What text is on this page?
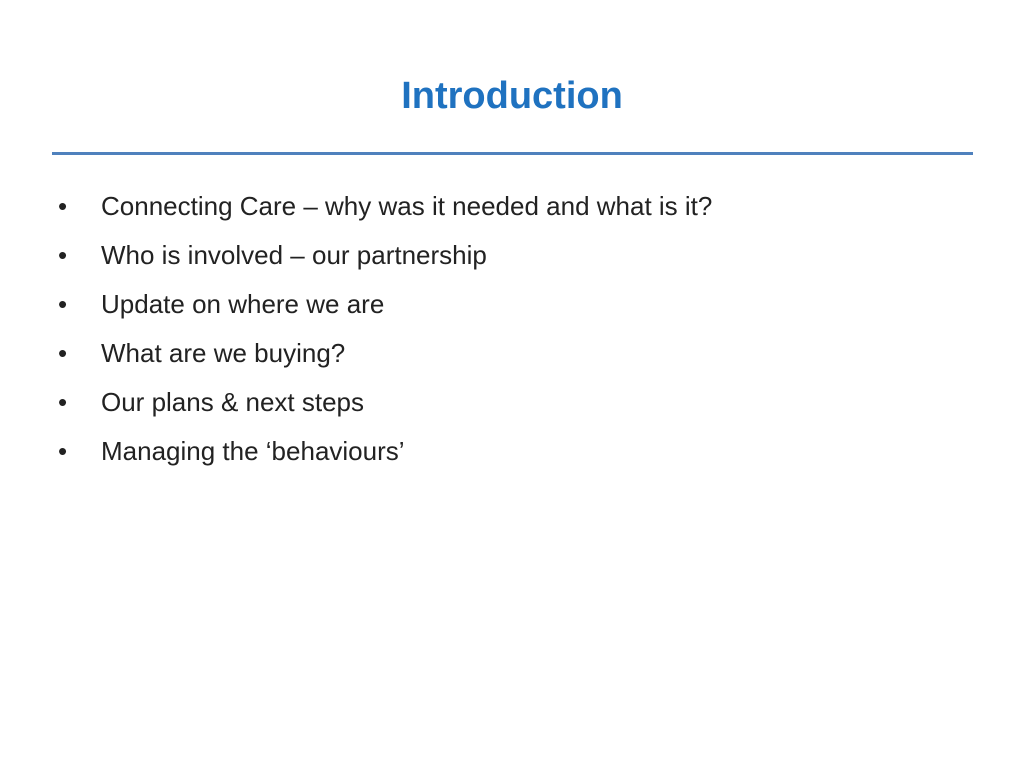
Introduction
•	Connecting Care – why was it needed and what is it?
•	Who is involved – our partnership
•	Update on where we are
•	What are we buying?
•	Our plans & next steps
•	Managing the ‘behaviours’
